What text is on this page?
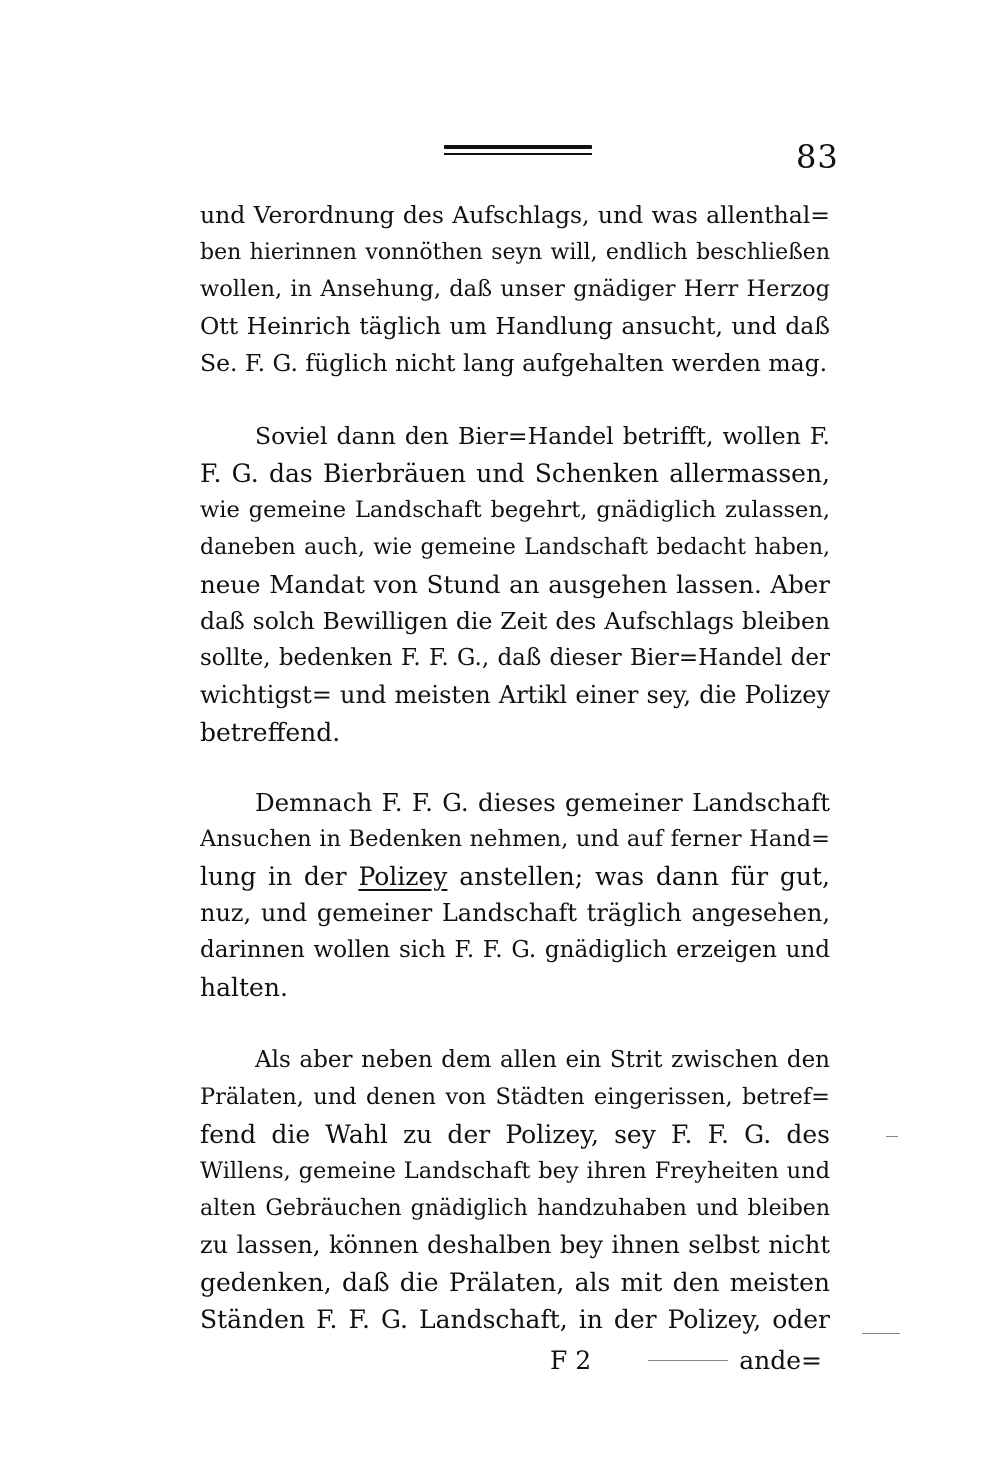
83
und Verordnung des Aufschlags, und was allenthal=
ben hierinnen vonnöthen seyn will, endlich beschließen
wollen, in Ansehung, daß unser gnädiger Herr Herzog
Ott Heinrich täglich um Handlung ansucht, und daß
Se. F. G. füglich nicht lang aufgehalten werden mag.
Soviel dann den Bier=Handel betrifft, wollen F.
F. G. das Bierbräuen und Schenken allermassen,
wie gemeine Landschaft begehrt, gnädiglich zulassen,
daneben auch, wie gemeine Landschaft bedacht haben,
neue Mandat von Stund an ausgehen lassen. Aber
daß solch Bewilligen die Zeit des Aufschlags bleiben
sollte, bedenken F. F. G., daß dieser Bier=Handel der
wichtigst= und meisten Artikl einer sey, die Polizey
betreffend.
Demnach F. F. G. dieses gemeiner Landschaft
Ansuchen in Bedenken nehmen, und auf ferner Hand=
lung in der Polizey anstellen; was dann für gut,
nuz, und gemeiner Landschaft träglich angesehen,
darinnen wollen sich F. F. G. gnädiglich erzeigen und
halten.
Als aber neben dem allen ein Strit zwischen den
Prälaten, und denen von Städten eingerissen, betref=
fend die Wahl zu der Polizey, sey F. F. G. des
Willens, gemeine Landschaft bey ihren Freyheiten und
alten Gebräuchen gnädiglich handzuhaben und bleiben
zu lassen, können deshalben bey ihnen selbst nicht
gedenken, daß die Prälaten, als mit den meisten
Ständen F. F. G. Landschaft, in der Polizey, oder
F 2	ande=
